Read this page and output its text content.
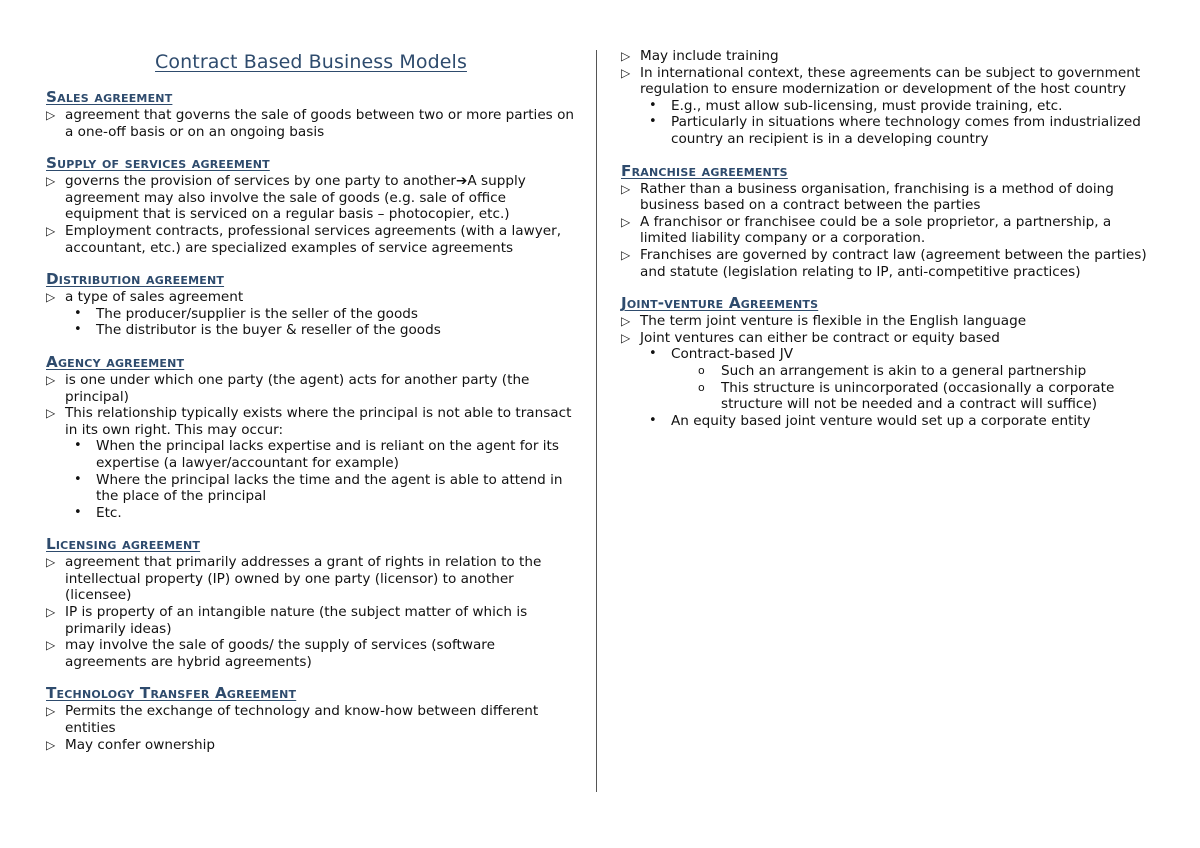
Contract Based Business Models
Sales agreement
▷ agreement that governs the sale of goods between two or more parties on a one-off basis or on an ongoing basis
Supply of services agreement
▷ governs the provision of services by one party to another➔A supply agreement may also involve the sale of goods (e.g. sale of office equipment that is serviced on a regular basis – photocopier, etc.)
▷ Employment contracts, professional services agreements (with a lawyer, accountant, etc.) are specialized examples of service agreements
Distribution agreement
▷ a type of sales agreement
• The producer/supplier is the seller of the goods
• The distributor is the buyer & reseller of the goods
Agency agreement
▷ is one under which one party (the agent) acts for another party (the principal)
▷ This relationship typically exists where the principal is not able to transact in its own right. This may occur:
• When the principal lacks expertise and is reliant on the agent for its expertise (a lawyer/accountant for example)
• Where the principal lacks the time and the agent is able to attend in the place of the principal
• Etc.
Licensing agreement
▷ agreement that primarily addresses a grant of rights in relation to the intellectual property (IP) owned by one party (licensor) to another (licensee)
▷ IP is property of an intangible nature (the subject matter of which is primarily ideas)
▷ may involve the sale of goods/ the supply of services (software agreements are hybrid agreements)
Technology Transfer Agreement
▷ Permits the exchange of technology and know-how between different entities
▷ May confer ownership
▷ May include training
▷ In international context, these agreements can be subject to government regulation to ensure modernization or development of the host country
• E.g., must allow sub-licensing, must provide training, etc.
• Particularly in situations where technology comes from industrialized country an recipient is in a developing country
Franchise agreements
▷ Rather than a business organisation, franchising is a method of doing business based on a contract between the parties
▷ A franchisor or franchisee could be a sole proprietor, a partnership, a limited liability company or a corporation.
▷ Franchises are governed by contract law (agreement between the parties) and statute (legislation relating to IP, anti-competitive practices)
Joint-venture Agreements
▷ The term joint venture is flexible in the English language
▷ Joint ventures can either be contract or equity based
• Contract-based JV
o Such an arrangement is akin to a general partnership
o This structure is unincorporated (occasionally a corporate structure will not be needed and a contract will suffice)
• An equity based joint venture would set up a corporate entity
